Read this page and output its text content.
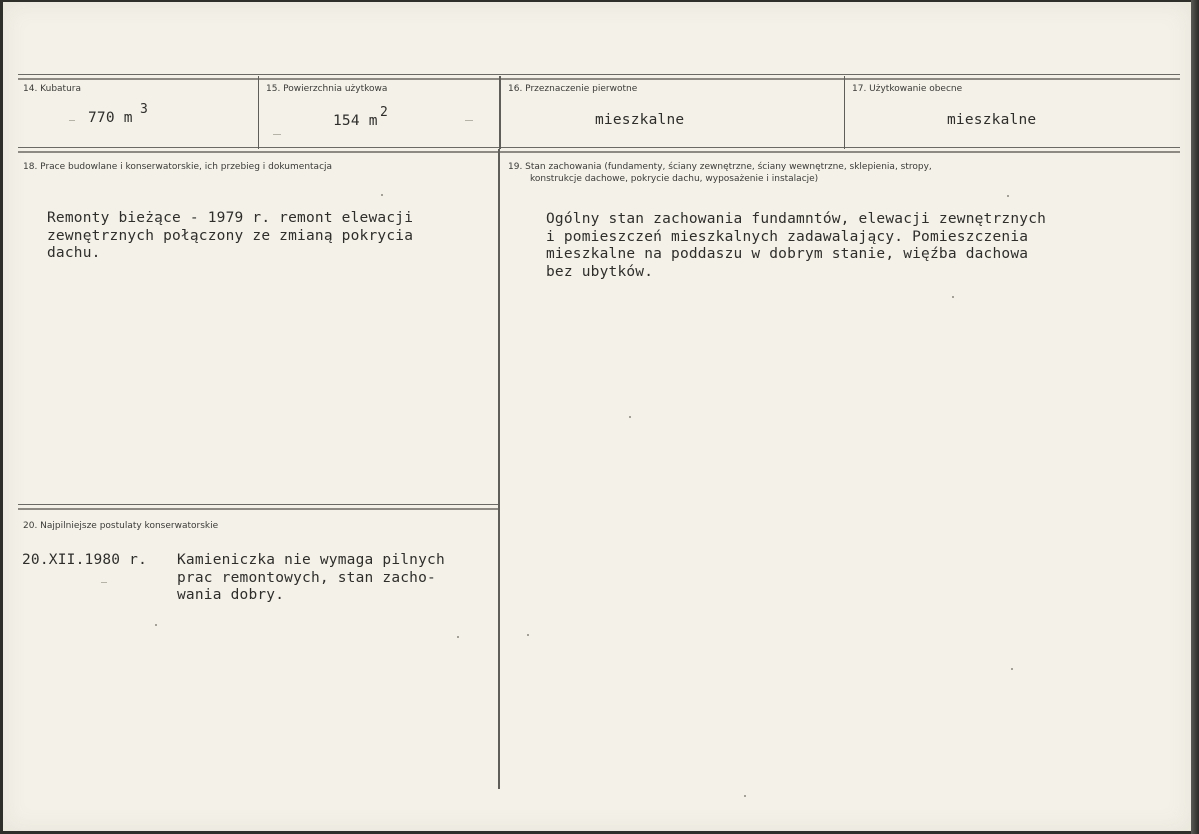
14. Kubatura
770 m
3
15. Powierzchnia użytkowa
154 m
2
16. Przeznaczenie pierwotne
mieszkalne
17. Użytkowanie obecne
mieszkalne
18. Prace budowlane i konserwatorskie, ich przebieg i dokumentacja
Remonty bieżące - 1979 r. remont elewacji
zewnętrznych połączony ze zmianą pokrycia
dachu.
19. Stan zachowania (fundamenty, ściany zewnętrzne, ściany wewnętrzne, sklepienia, stropy,
konstrukcje dachowe, pokrycie dachu, wyposażenie i instalacje)
Ogólny stan zachowania fundamntów, elewacji zewnętrznych
i pomieszczeń mieszkalnych zadawalający. Pomieszczenia
mieszkalne na poddaszu w dobrym stanie, więźba dachowa
bez ubytków.
20. Najpilniejsze postulaty konserwatorskie
20.XII.1980 r. Kamieniczka nie wymaga pilnych
prac remontowych, stan zacho-
wania dobry.
